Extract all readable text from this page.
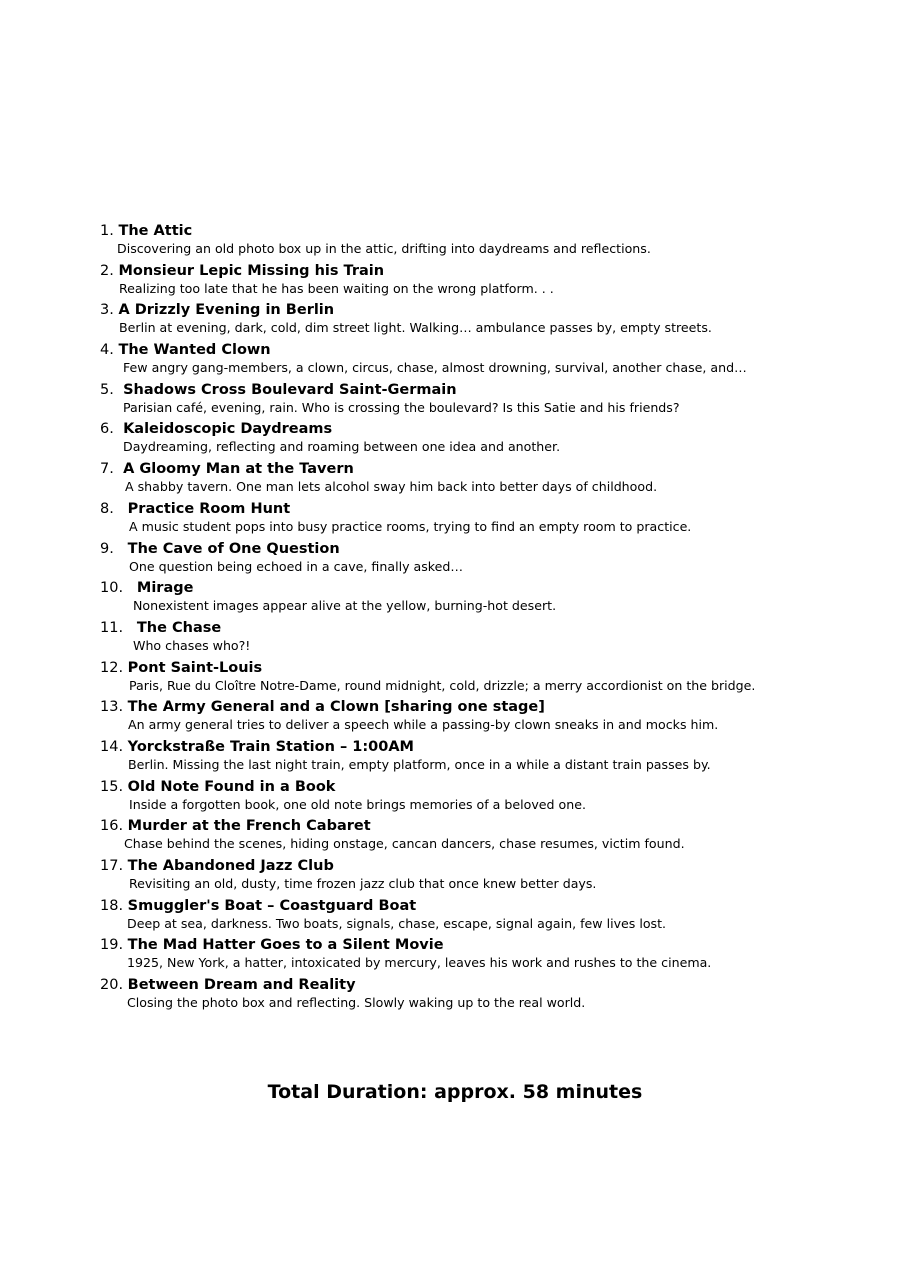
1. The Attic
Discovering an old photo box up in the attic, drifting into daydreams and reflections.
2. Monsieur Lepic Missing his Train
Realizing too late that he has been waiting on the wrong platform. . .
3. A Drizzly Evening in Berlin
Berlin at evening, dark, cold, dim street light. Walking… ambulance passes by, empty streets.
4. The Wanted Clown
Few angry gang-members, a clown, circus, chase, almost drowning, survival, another chase, and…
5. Shadows Cross Boulevard Saint-Germain
Parisian café, evening, rain. Who is crossing the boulevard? Is this Satie and his friends?
6. Kaleidoscopic Daydreams
Daydreaming, reflecting and roaming between one idea and another.
7. A Gloomy Man at the Tavern
A shabby tavern. One man lets alcohol sway him back into better days of childhood.
8. Practice Room Hunt
A music student pops into busy practice rooms, trying to find an empty room to practice.
9. The Cave of One Question
One question being echoed in a cave, finally asked…
10. Mirage
Nonexistent images appear alive at the yellow, burning-hot desert.
11. The Chase
Who chases who?!
12. Pont Saint-Louis
Paris, Rue du Cloître Notre-Dame, round midnight, cold, drizzle; a merry accordionist on the bridge.
13. The Army General and a Clown [sharing one stage]
An army general tries to deliver a speech while a passing-by clown sneaks in and mocks him.
14. Yorckstraße Train Station – 1:00AM
Berlin. Missing the last night train, empty platform, once in a while a distant train passes by.
15. Old Note Found in a Book
Inside a forgotten book, one old note brings memories of a beloved one.
16. Murder at the French Cabaret
Chase behind the scenes, hiding onstage, cancan dancers, chase resumes, victim found.
17. The Abandoned Jazz Club
Revisiting an old, dusty, time frozen jazz club that once knew better days.
18. Smuggler's Boat – Coastguard Boat
Deep at sea, darkness. Two boats, signals, chase, escape, signal again, few lives lost.
19. The Mad Hatter Goes to a Silent Movie
1925, New York, a hatter, intoxicated by mercury, leaves his work and rushes to the cinema.
20. Between Dream and Reality
Closing the photo box and reflecting. Slowly waking up to the real world.
Total Duration: approx. 58 minutes
